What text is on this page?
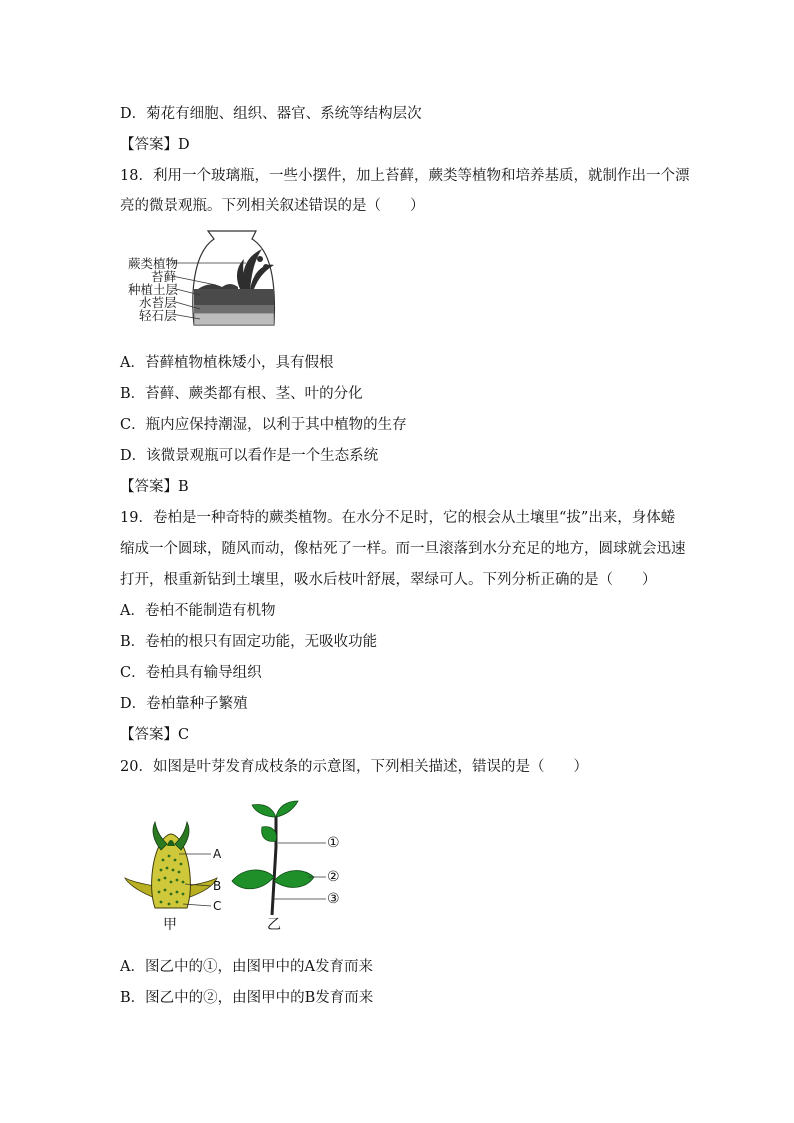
D．菊花有细胞、组织、器官、系统等结构层次
【答案】D
18．利用一个玻璃瓶，一些小摆件，加上苔藓，蕨类等植物和培养基质，就制作出一个漂
亮的微景观瓶。下列相关叙述错误的是（　　）
蕨类植物
苔藓
种植土层
水苔层
轻石层
A．苔藓植物植株矮小，具有假根
B．苔藓、蕨类都有根、茎、叶的分化
C．瓶内应保持潮湿，以利于其中植物的生存
D．该微景观瓶可以看作是一个生态系统
【答案】B
19．卷柏是一种奇特的蕨类植物。在水分不足时，它的根会从土壤里“拔”出来，身体蜷
缩成一个圆球，随风而动，像枯死了一样。而一旦滚落到水分充足的地方，圆球就会迅速
打开，根重新钻到土壤里，吸水后枝叶舒展，翠绿可人。下列分析正确的是（　　）
A．卷柏不能制造有机物
B．卷柏的根只有固定功能，无吸收功能
C．卷柏具有输导组织
D．卷柏靠种子繁殖
【答案】C
20．如图是叶芽发育成枝条的示意图，下列相关描述，错误的是（　　）
A
B
C
甲
①
②
③
乙
A．图乙中的①，由图甲中的A发育而来
B．图乙中的②，由图甲中的B发育而来
